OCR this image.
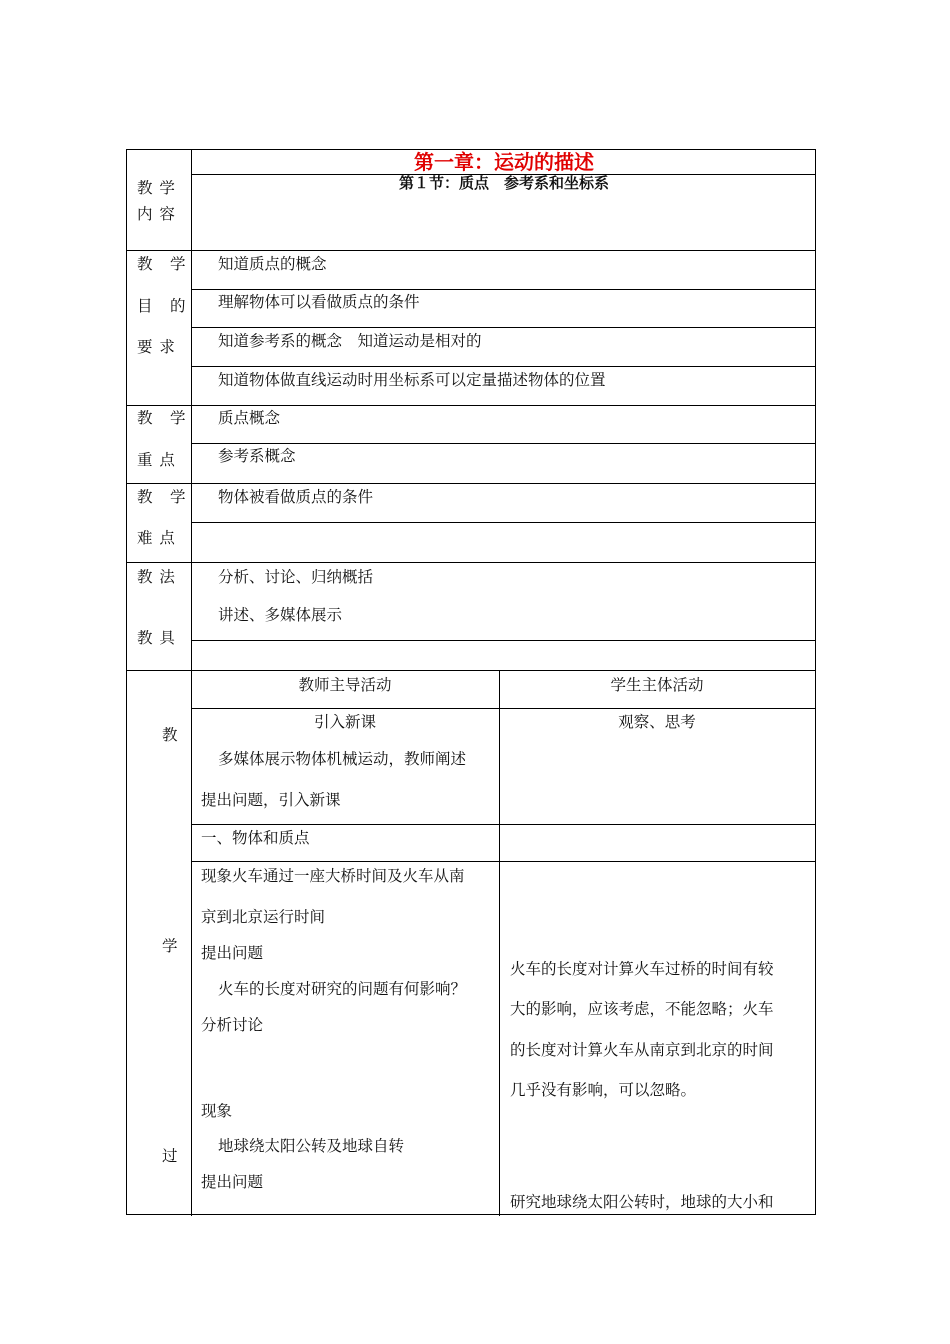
第一章：运动的描述
第１节：质点　参考系和坐标系
教 学
内 容
教　学
目　的
要 求
教　学
重 点
教　学
难 点
教 法
教 具
教
学
过
知道质点的概念
理解物体可以看做质点的条件
知道参考系的概念　知道运动是相对的
知道物体做直线运动时用坐标系可以定量描述物体的位置
质点概念
参考系概念
物体被看做质点的条件
分析、讨论、归纳概括
讲述、多媒体展示
教师主导活动	学生主体活动
引入新课
多媒体展示物体机械运动，教师阐述
提出问题，引入新课
观察、思考
一、物体和质点
现象火车通过一座大桥时间及火车从南
京到北京运行时间
提出问题
火车的长度对研究的问题有何影响？
分析讨论
火车的长度对计算火车过桥的时间有较
大的影响，应该考虑，不能忽略；火车
的长度对计算火车从南京到北京的时间
几乎没有影响，可以忽略。
现象
地球绕太阳公转及地球自转
提出问题
研究地球绕太阳公转时，地球的大小和
